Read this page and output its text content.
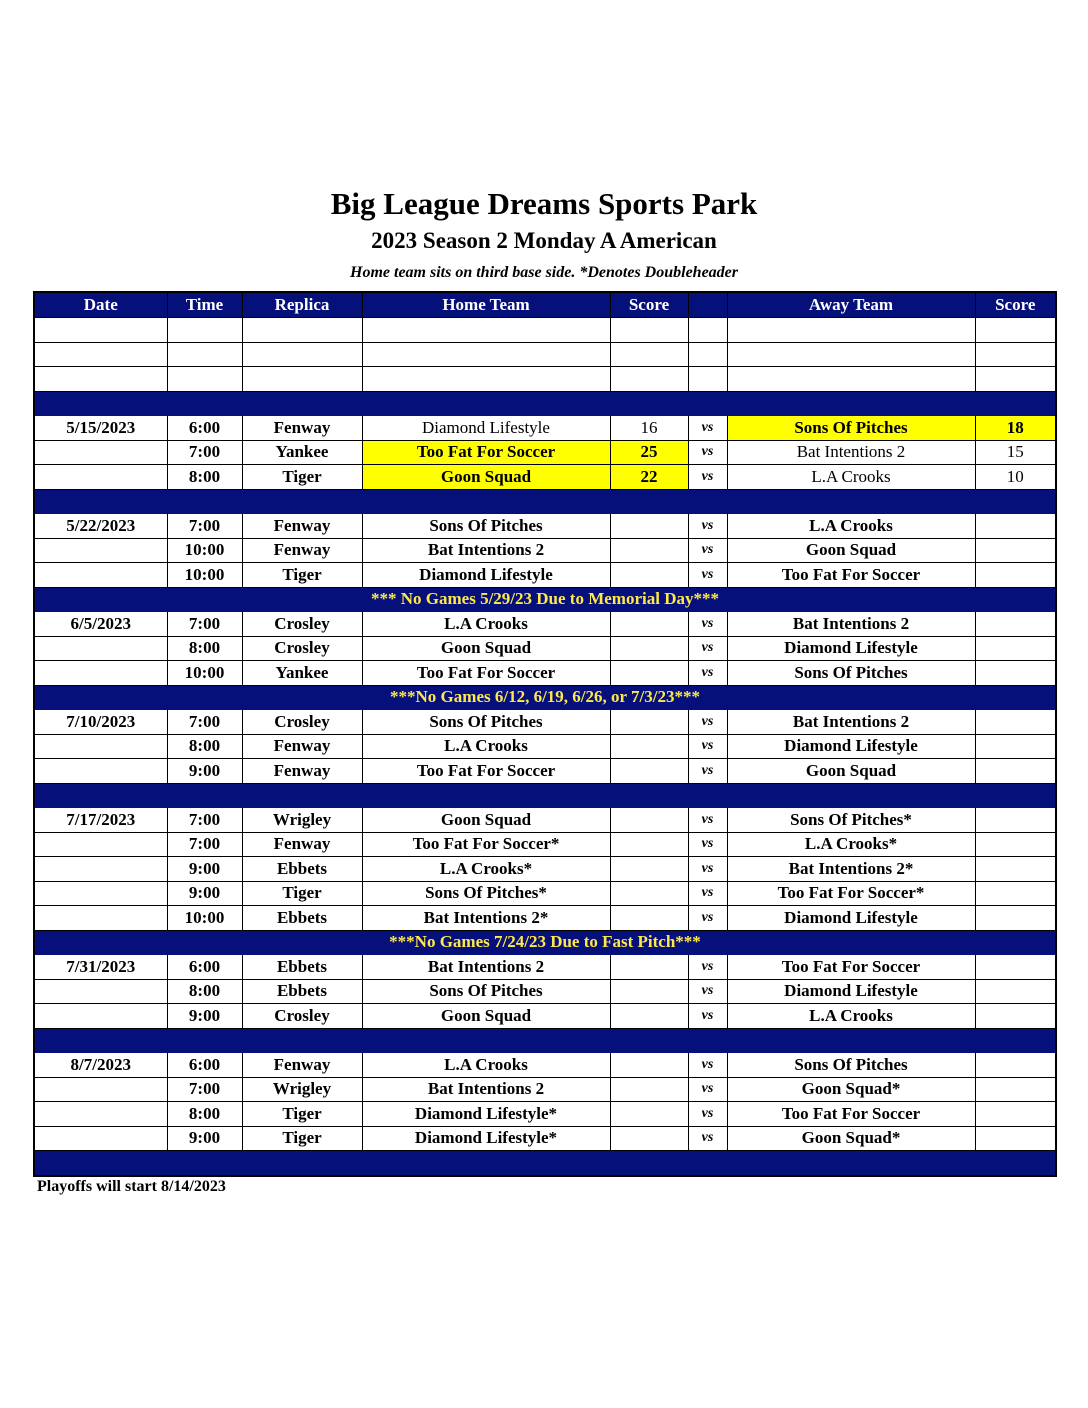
Big League Dreams Sports Park
2023 Season 2 Monday A American
Home team sits on third base side. *Denotes Doubleheader
Date	Time	Replica	Home Team	Score		Away Team	Score

5/15/2023	6:00	Fenway	Diamond Lifestyle	16	vs	Sons Of Pitches	18
	7:00	Yankee	Too Fat For Soccer	25	vs	Bat Intentions 2	15
	8:00	Tiger	Goon Squad	22	vs	L.A Crooks	10

5/22/2023	7:00	Fenway	Sons Of Pitches		vs	L.A Crooks	
	10:00	Fenway	Bat Intentions 2		vs	Goon Squad	
	10:00	Tiger	Diamond Lifestyle		vs	Too Fat For Soccer	
*** No Games 5/29/23 Due to Memorial Day***							
6/5/2023	7:00	Crosley	L.A Crooks		vs	Bat Intentions 2	
	8:00	Crosley	Goon Squad		vs	Diamond Lifestyle	
	10:00	Yankee	Too Fat For Soccer		vs	Sons Of Pitches	
***No Games 6/12, 6/19, 6/26, or 7/3/23***							
7/10/2023	7:00	Crosley	Sons Of Pitches		vs	Bat Intentions 2	
	8:00	Fenway	L.A Crooks		vs	Diamond Lifestyle	
	9:00	Fenway	Too Fat For Soccer		vs	Goon Squad	

7/17/2023	7:00	Wrigley	Goon Squad		vs	Sons Of Pitches*	
	7:00	Fenway	Too Fat For Soccer*		vs	L.A Crooks*	
	9:00	Ebbets	L.A Crooks*		vs	Bat Intentions 2*	
	9:00	Tiger	Sons Of Pitches*		vs	Too Fat For Soccer*	
	10:00	Ebbets	Bat Intentions 2*		vs	Diamond Lifestyle	
***No Games 7/24/23 Due to Fast Pitch***							
7/31/2023	6:00	Ebbets	Bat Intentions 2		vs	Too Fat For Soccer	
	8:00	Ebbets	Sons Of Pitches		vs	Diamond Lifestyle	
	9:00	Crosley	Goon Squad		vs	L.A Crooks	

8/7/2023	6:00	Fenway	L.A Crooks		vs	Sons Of Pitches	
	7:00	Wrigley	Bat Intentions 2		vs	Goon Squad*	
	8:00	Tiger	Diamond Lifestyle*		vs	Too Fat For Soccer	
	9:00	Tiger	Diamond Lifestyle*		vs	Goon Squad*	

Playoffs will start 8/14/2023
